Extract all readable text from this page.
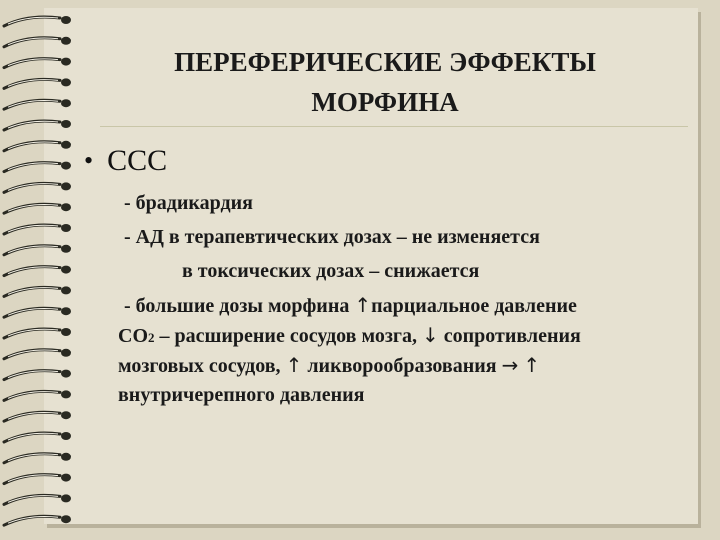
ПЕРЕФЕРИЧЕСКИЕ ЭФФЕКТЫ
МОРФИНА
• ССС
- брадикардия
- АД в терапевтических дозах – не изменяется
в токсических дозах – снижается
- большие дозы морфина ↑парциальное давление
СО2 – расширение сосудов мозга, ↓ сопротивления
мозговых сосудов, ↑ ликворообразования → ↑
внутричерепного давления
